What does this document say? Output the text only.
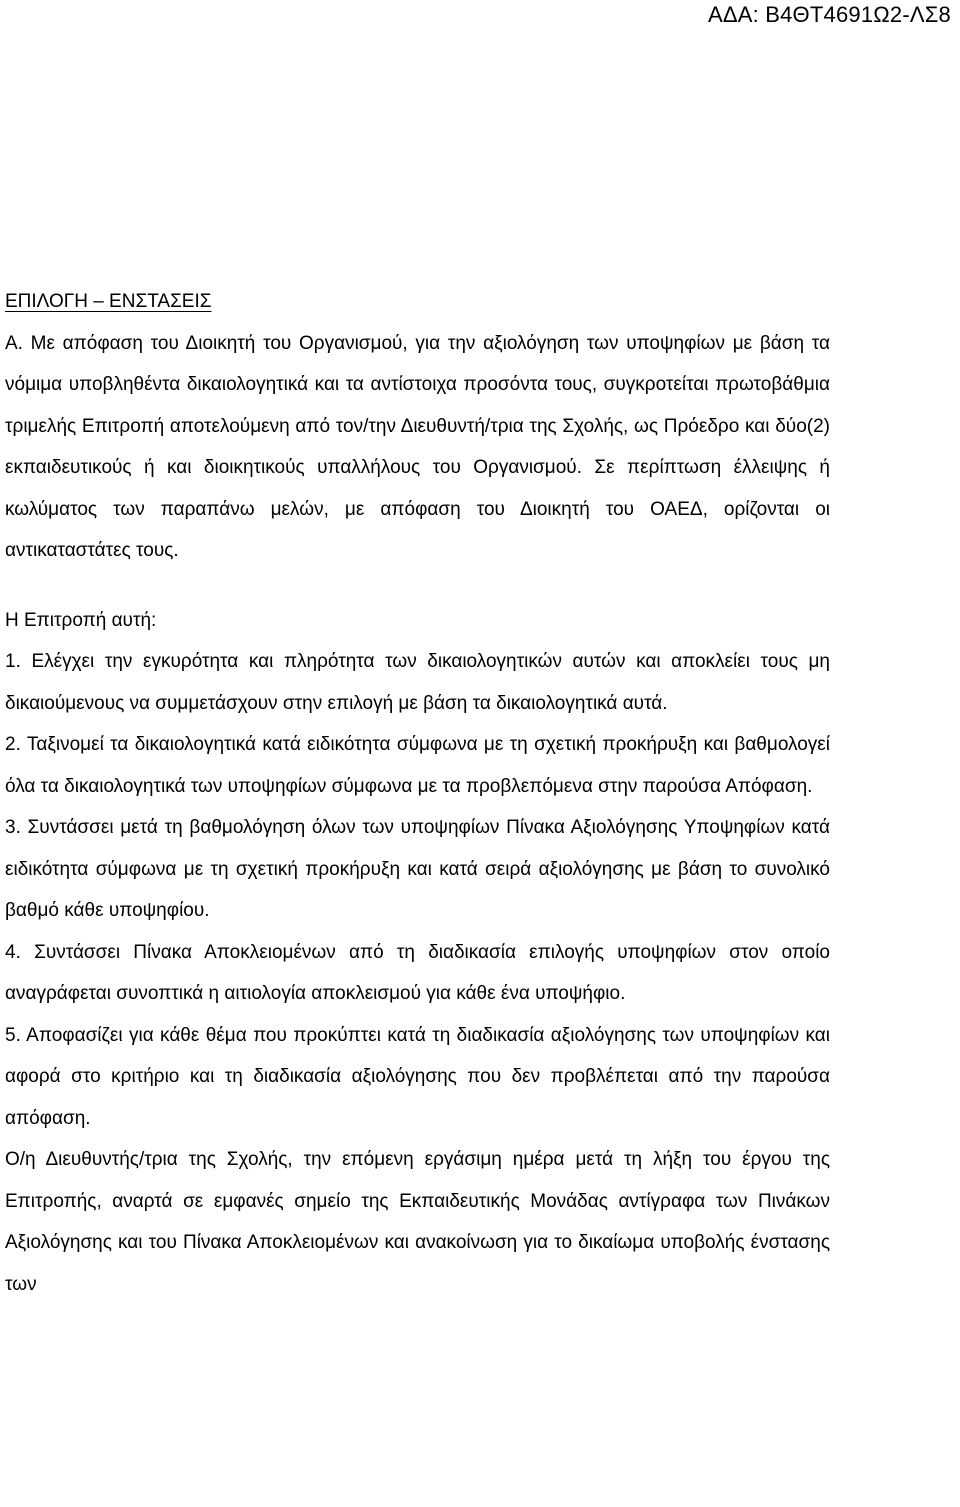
ΑΔΑ: Β4ΘΤ4691Ω2-ΛΣ8
ΕΠΙΛΟΓΗ – ΕΝΣΤΑΣΕΙΣ

Α. Με απόφαση του Διοικητή του Οργανισμού, για την αξιολόγηση των υποψηφίων με βάση τα νόμιμα υποβληθέντα δικαιολογητικά και τα αντίστοιχα προσόντα τους, συγκροτείται πρωτοβάθμια τριμελής Επιτροπή αποτελούμενη από τον/την Διευθυντή/τρια της Σχολής, ως Πρόεδρο και δύο(2) εκπαιδευτικούς ή και διοικητικούς υπαλλήλους του Οργανισμού. Σε περίπτωση έλλειψης ή κωλύματος των παραπάνω μελών, με απόφαση του Διοικητή του ΟΑΕΔ, ορίζονται οι αντικαταστάτες τους.

Η Επιτροπή αυτή:

1. Ελέγχει την εγκυρότητα και πληρότητα των δικαιολογητικών αυτών και αποκλείει τους μη δικαιούμενους να συμμετάσχουν στην επιλογή με βάση τα δικαιολογητικά αυτά.

2. Ταξινομεί τα δικαιολογητικά κατά ειδικότητα σύμφωνα με τη σχετική προκήρυξη και βαθμολογεί όλα τα δικαιολογητικά των υποψηφίων σύμφωνα με τα προβλεπόμενα στην παρούσα Απόφαση.

3. Συντάσσει μετά τη βαθμολόγηση όλων των υποψηφίων Πίνακα Αξιολόγησης Υποψηφίων κατά ειδικότητα σύμφωνα με τη σχετική προκήρυξη και κατά σειρά αξιολόγησης με βάση το συνολικό βαθμό κάθε υποψηφίου.

4. Συντάσσει Πίνακα Αποκλειομένων από τη διαδικασία επιλογής υποψηφίων στον οποίο αναγράφεται συνοπτικά η αιτιολογία αποκλεισμού για κάθε ένα υποψήφιο.

5. Αποφασίζει για κάθε θέμα που προκύπτει κατά τη διαδικασία αξιολόγησης των υποψηφίων και αφορά στο κριτήριο και τη διαδικασία αξιολόγησης που δεν προβλέπεται από την παρούσα απόφαση.

Ο/η Διευθυντής/τρια της Σχολής, την επόμενη εργάσιμη ημέρα μετά τη λήξη του έργου της Επιτροπής, αναρτά σε εμφανές σημείο της Εκπαιδευτικής Μονάδας αντίγραφα των Πινάκων Αξιολόγησης και του Πίνακα Αποκλειομένων και ανακοίνωση για το δικαίωμα υποβολής ένστασης των
